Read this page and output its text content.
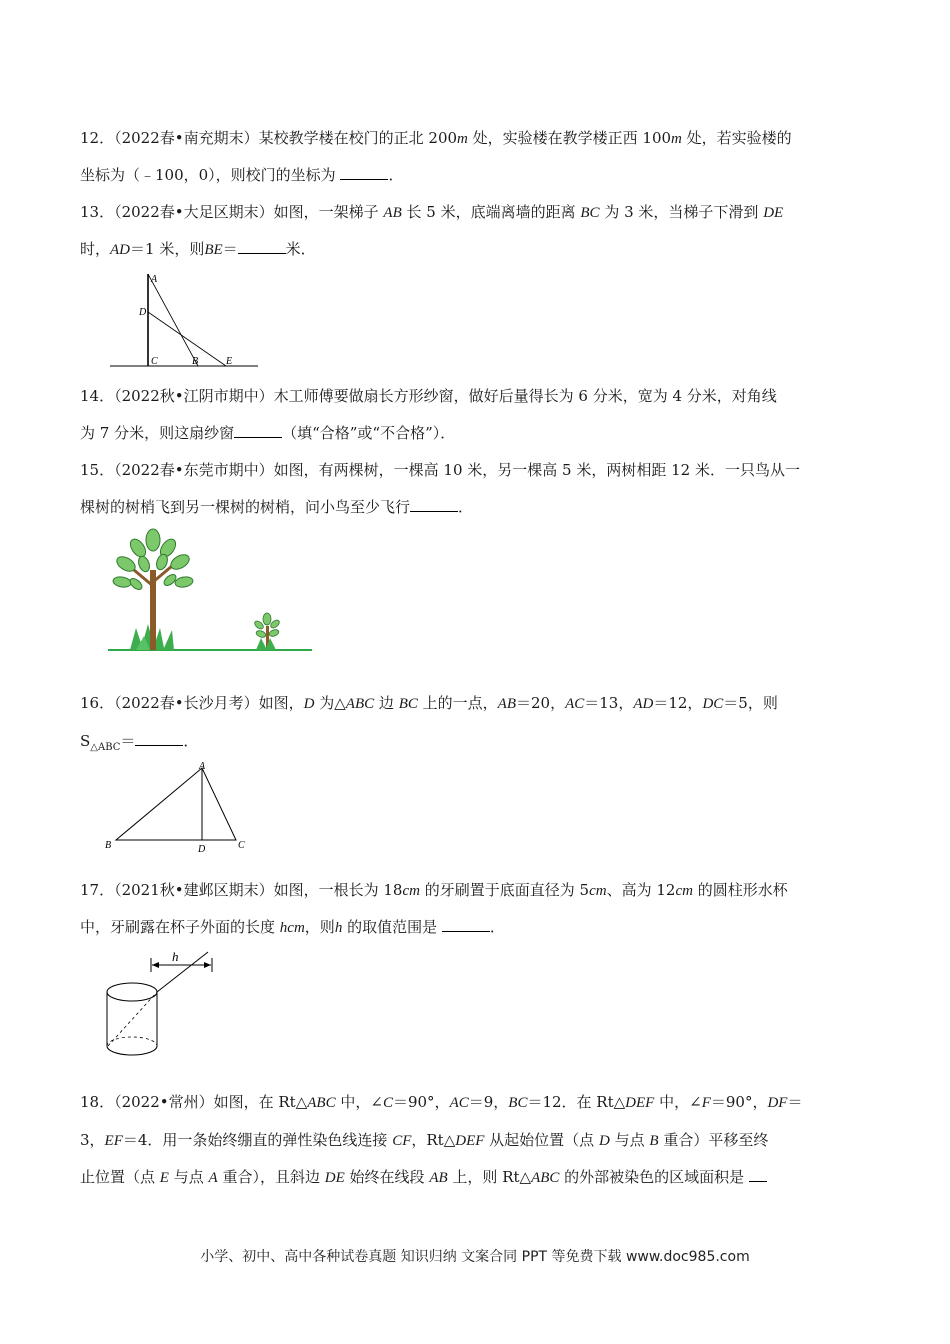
12．（2022春•南充期末）某校教学楼在校门的正北 200m 处，实验楼在教学楼正西 100m 处，若实验楼的
坐标为（﹣100，0），则校门的坐标为	．
13．（2022春•大足区期末）如图，一架梯子 AB 长 5 米，底端离墙的距离 BC 为 3 米，当梯子下滑到 DE
时，AD＝1 米，则BE＝	米．
A
D
C	B	E
14．（2022秋•江阴市期中）木工师傅要做扇长方形纱窗，做好后量得长为 6 分米，宽为 4 分米，对角线
为 7 分米，则这扇纱窗	（填“合格”或“不合格”）．
15．（2022春•东莞市期中）如图，有两棵树，一棵高 10 米，另一棵高 5 米，两树相距 12 米．一只鸟从一
棵树的树梢飞到另一棵树的树梢，问小鸟至少飞行	．
16．（2022春•长沙月考）如图，D 为△ABC 边 BC 上的一点，AB＝20，AC＝13，AD＝12，DC＝5，则
$S_{\triangle ABC}=$	．
A
B	D	C
17．（2021秋•建邺区期末）如图，一根长为 18cm 的牙刷置于底面直径为 5cm、高为 12cm 的圆柱形水杯
中，牙刷露在杯子外面的长度 hcm，则h 的取值范围是	．
h
18．（2022•常州）如图，在 Rt△ABC 中，∠C＝90°，AC＝9，BC＝12．在 Rt△DEF 中，∠F＝90°，DF＝
3，EF＝4．用一条始终绷直的弹性染色线连接 CF，Rt△DEF 从起始位置（点 D 与点 B 重合）平移至终
止位置（点 E 与点 A 重合），且斜边 DE 始终在线段 AB 上，则 Rt△ABC 的外部被染色的区域面积是
小学、初中、高中各种试卷真题 知识归纳 文案合同 PPT 等免费下载 www.doc985.com
